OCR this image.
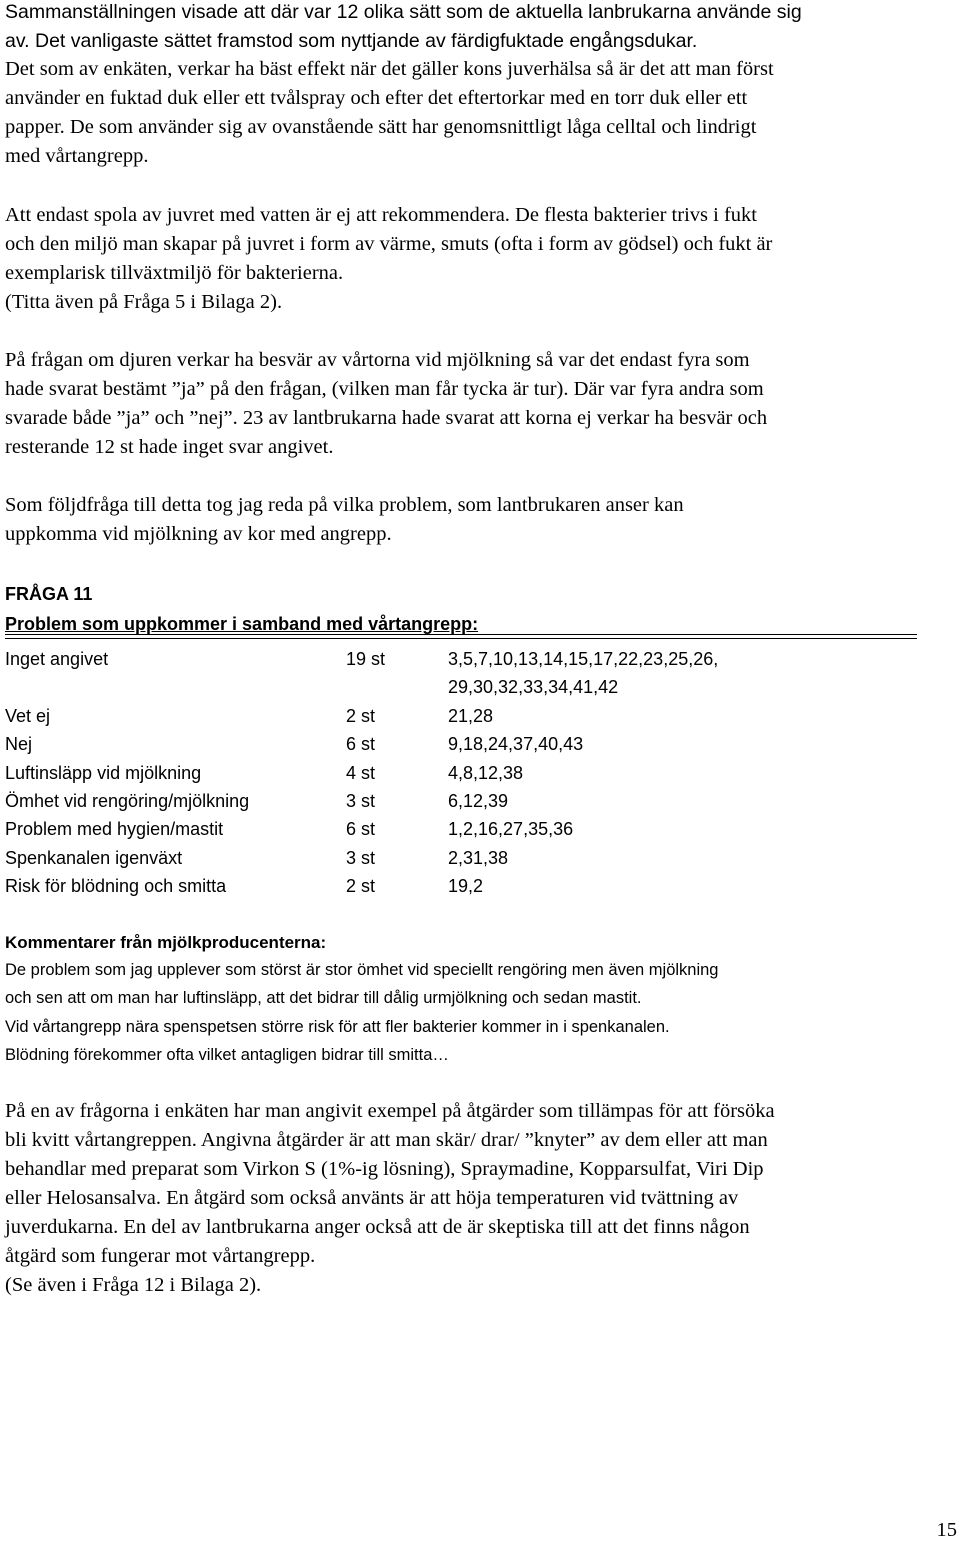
Sammanställningen visade att där var 12 olika sätt som de aktuella lanbrukarna använde sig
av. Det vanligaste sättet framstod som nyttjande av färdigfuktade engångsdukar.
Det som av enkäten, verkar ha bäst effekt när det gäller kons juverhälsa så är det att man först
använder en fuktad duk eller ett tvålspray och efter det eftertorkar med en torr duk eller ett
papper. De som använder sig av ovanstående sätt har genomsnittligt låga celltal och lindrigt
med vårtangrepp.
Att endast spola av juvret med vatten är ej att rekommendera. De flesta bakterier trivs i fukt
och den miljö man skapar på juvret i form av värme, smuts (ofta i form av gödsel) och fukt är
exemplarisk tillväxtmiljö för bakterierna.
(Titta även på Fråga 5 i Bilaga 2).
På frågan om djuren verkar ha besvär av vårtorna vid mjölkning så var det endast fyra som
hade svarat bestämt ”ja” på den frågan, (vilken man får tycka är tur). Där var fyra andra som
svarade både ”ja” och ”nej”. 23 av lantbrukarna hade svarat att korna ej verkar ha besvär och
resterande 12 st hade inget svar angivet.
Som följdfråga till detta tog jag reda på vilka problem, som lantbrukaren anser kan
uppkomma vid mjölkning av kor med angrepp.
FRÅGA 11
Problem som uppkommer i samband med vårtangrepp:
Inget angivet	19 st	3,5,7,10,13,14,15,17,22,23,25,26,
29,30,32,33,34,41,42

Vet ej	2 st	21,28
Nej	6 st	9,18,24,37,40,43
Luftinsläpp vid mjölkning	4 st	4,8,12,38
Ömhet vid rengöring/mjölkning	3 st	6,12,39
Problem med hygien/mastit	6 st	1,2,16,27,35,36
Spenkanalen igenväxt	3 st	2,31,38
Risk för blödning och smitta	2 st	19,2
Kommentarer från mjölkproducenterna:
De problem som jag upplever som störst är stor ömhet vid speciellt rengöring men även mjölkning
och sen att om man har luftinsläpp, att det bidrar till dålig urmjölkning och sedan mastit.
Vid vårtangrepp nära spenspetsen större risk för att fler bakterier kommer in i spenkanalen.
Blödning förekommer ofta vilket antagligen bidrar till smitta…
På en av frågorna i enkäten har man angivit exempel på åtgärder som tillämpas för att försöka
bli kvitt vårtangreppen. Angivna åtgärder är att man skär/ drar/ ”knyter” av dem eller att man
behandlar med preparat som Virkon S (1%-ig lösning), Spraymadine, Kopparsulfat, Viri Dip
eller Helosansalva. En åtgärd som också använts är att höja temperaturen vid tvättning av
juverdukarna. En del av lantbrukarna anger också att de är skeptiska till att det finns någon
åtgärd som fungerar mot vårtangrepp.
(Se även i Fråga 12 i Bilaga 2).
15
